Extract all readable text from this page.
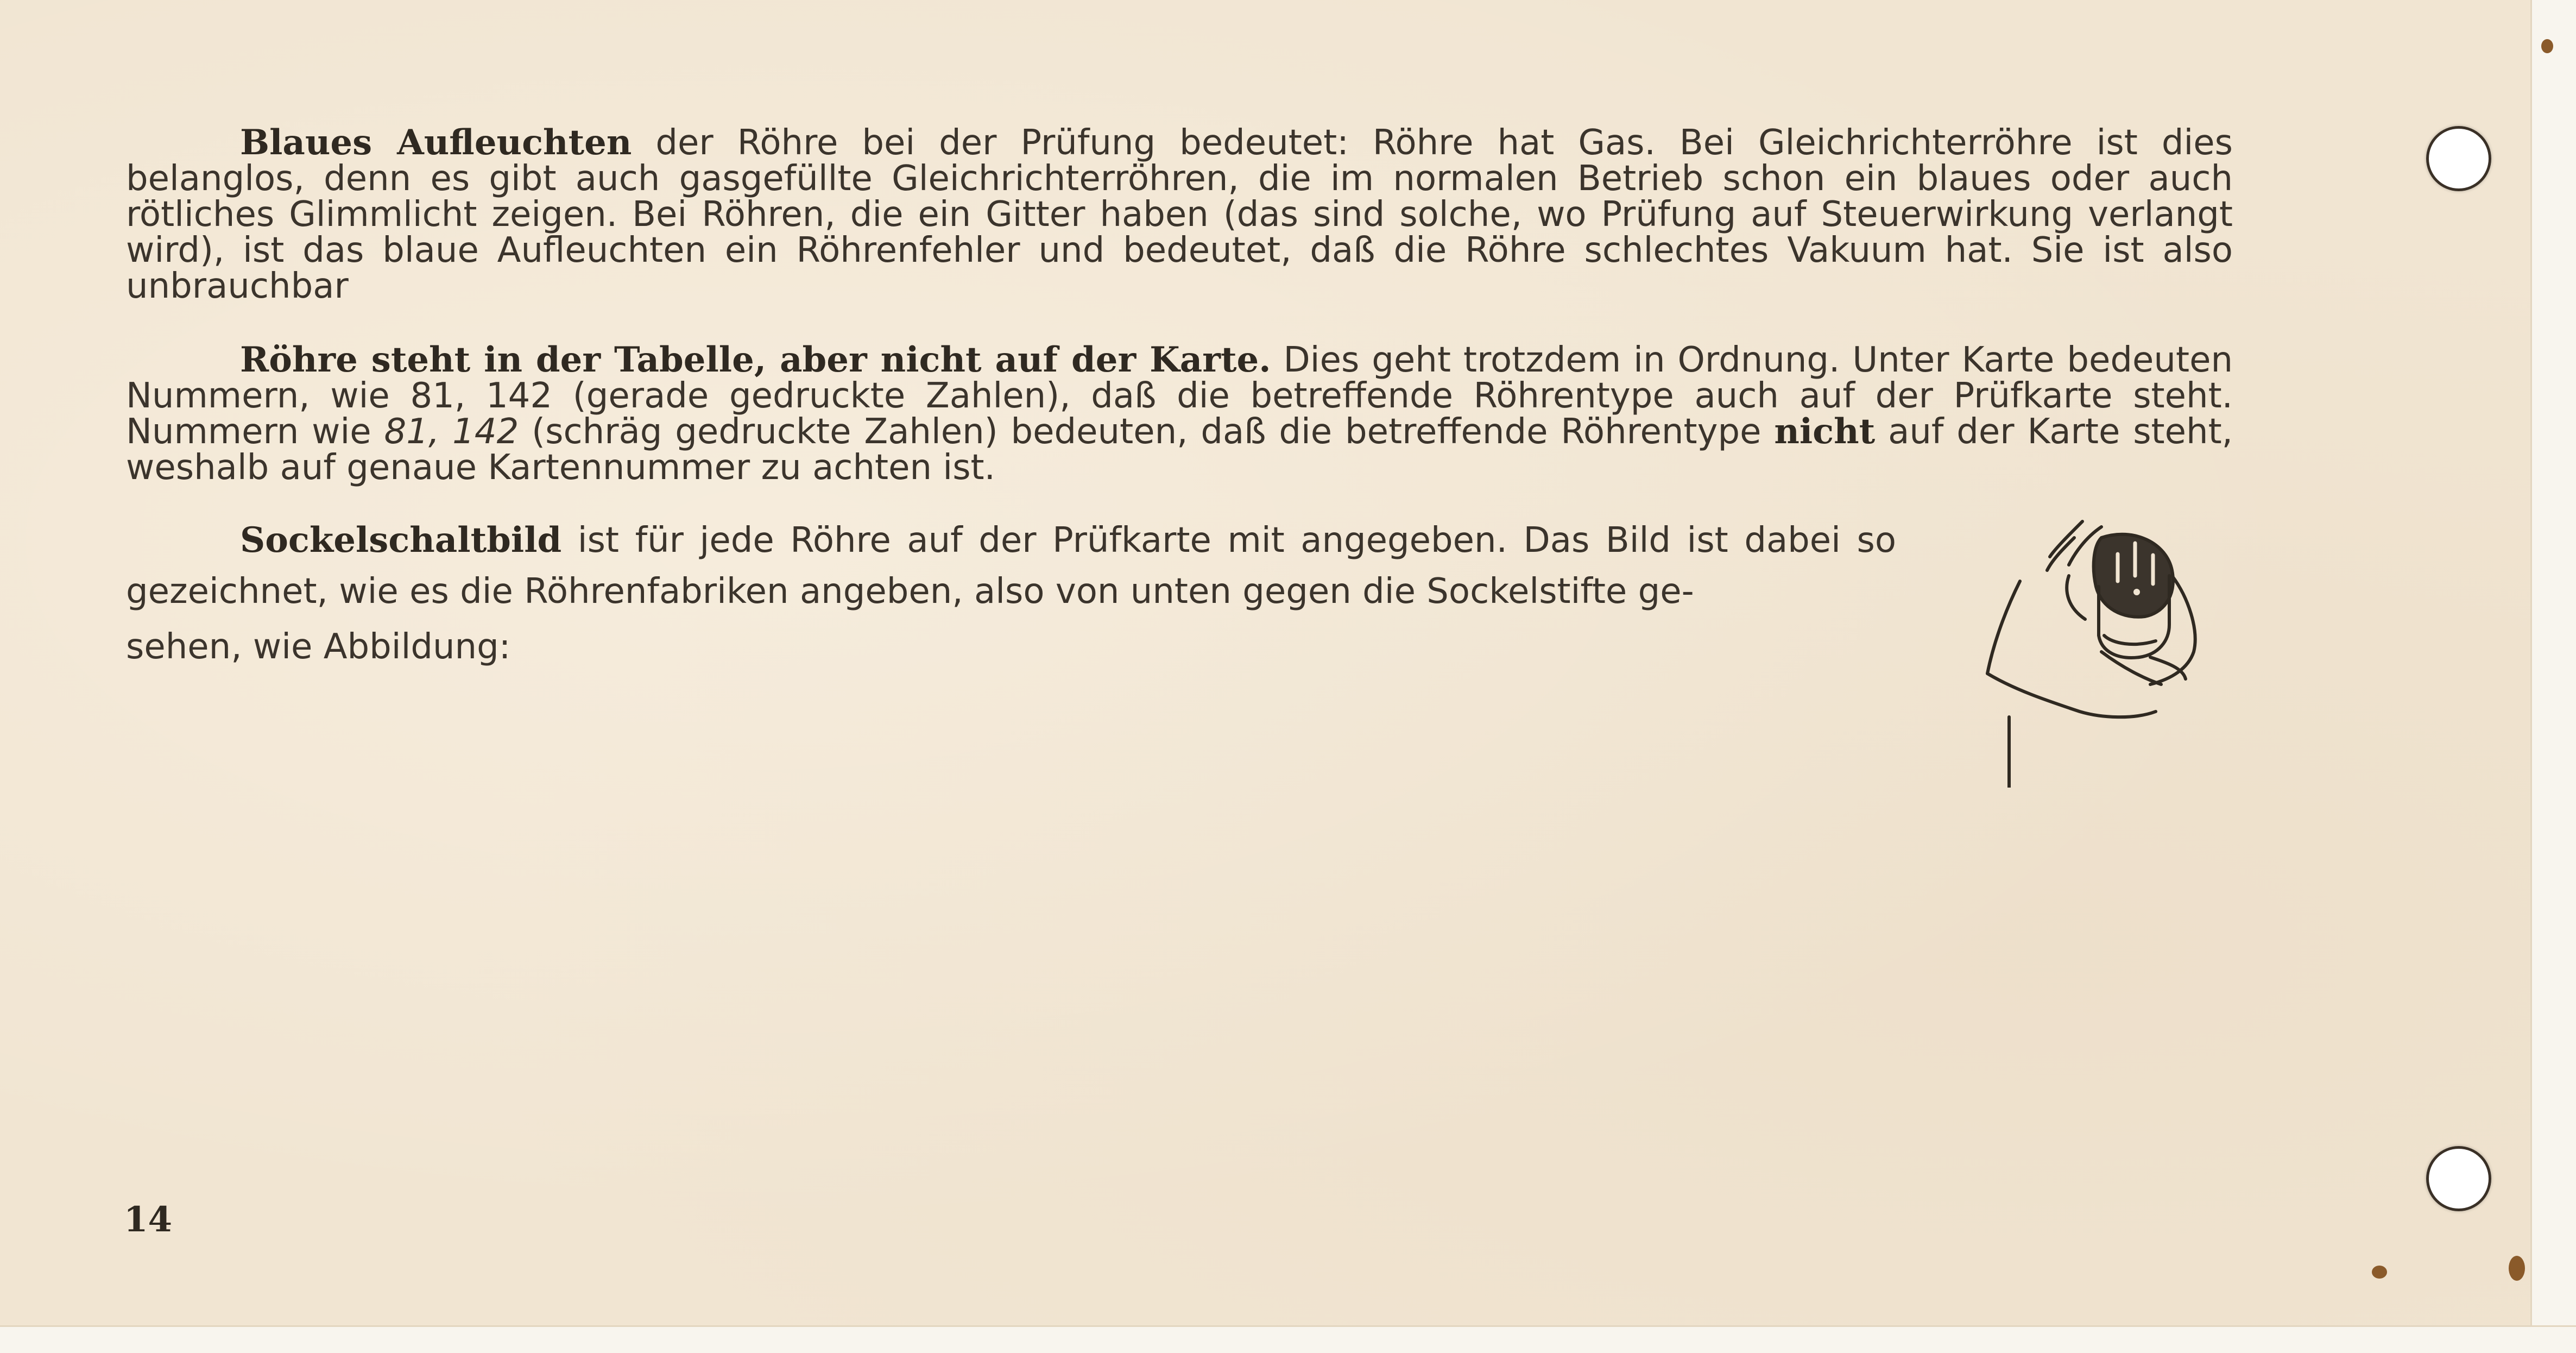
Blaues Aufleuchten der Röhre bei der Prüfung bedeutet: Röhre hat Gas. Bei Gleichrichterröhre ist dies belanglos, denn es gibt auch gasgefüllte Gleichrichterröhren, die im normalen Betrieb schon ein blaues oder auch rötliches Glimmlicht zeigen. Bei Röhren, die ein Gitter haben (das sind solche, wo Prüfung auf Steuerwirkung verlangt wird), ist das blaue Aufleuchten ein Röhrenfehler und bedeutet, daß die Röhre schlechtes Vakuum hat. Sie ist also unbrauchbar
Röhre steht in der Tabelle, aber nicht auf der Karte. Dies geht trotzdem in Ordnung. Unter Karte bedeuten Nummern, wie 81, 142 (gerade gedruckte Zahlen), daß die betreffende Röhrentype auch auf der Prüfkarte steht. Nummern wie 81, 142 (schräg gedruckte Zahlen) bedeuten, daß die betreffende Röhrentype nicht auf der Karte steht, weshalb auf genaue Kartennummer zu achten ist.
Sockelschaltbild ist für jede Röhre auf der Prüfkarte mit angegeben. Das Bild ist dabei so gezeichnet, wie es die Röhrenfabriken angeben, also von unten gegen die Sockelstifte ge-
sehen, wie Abbildung:
14
